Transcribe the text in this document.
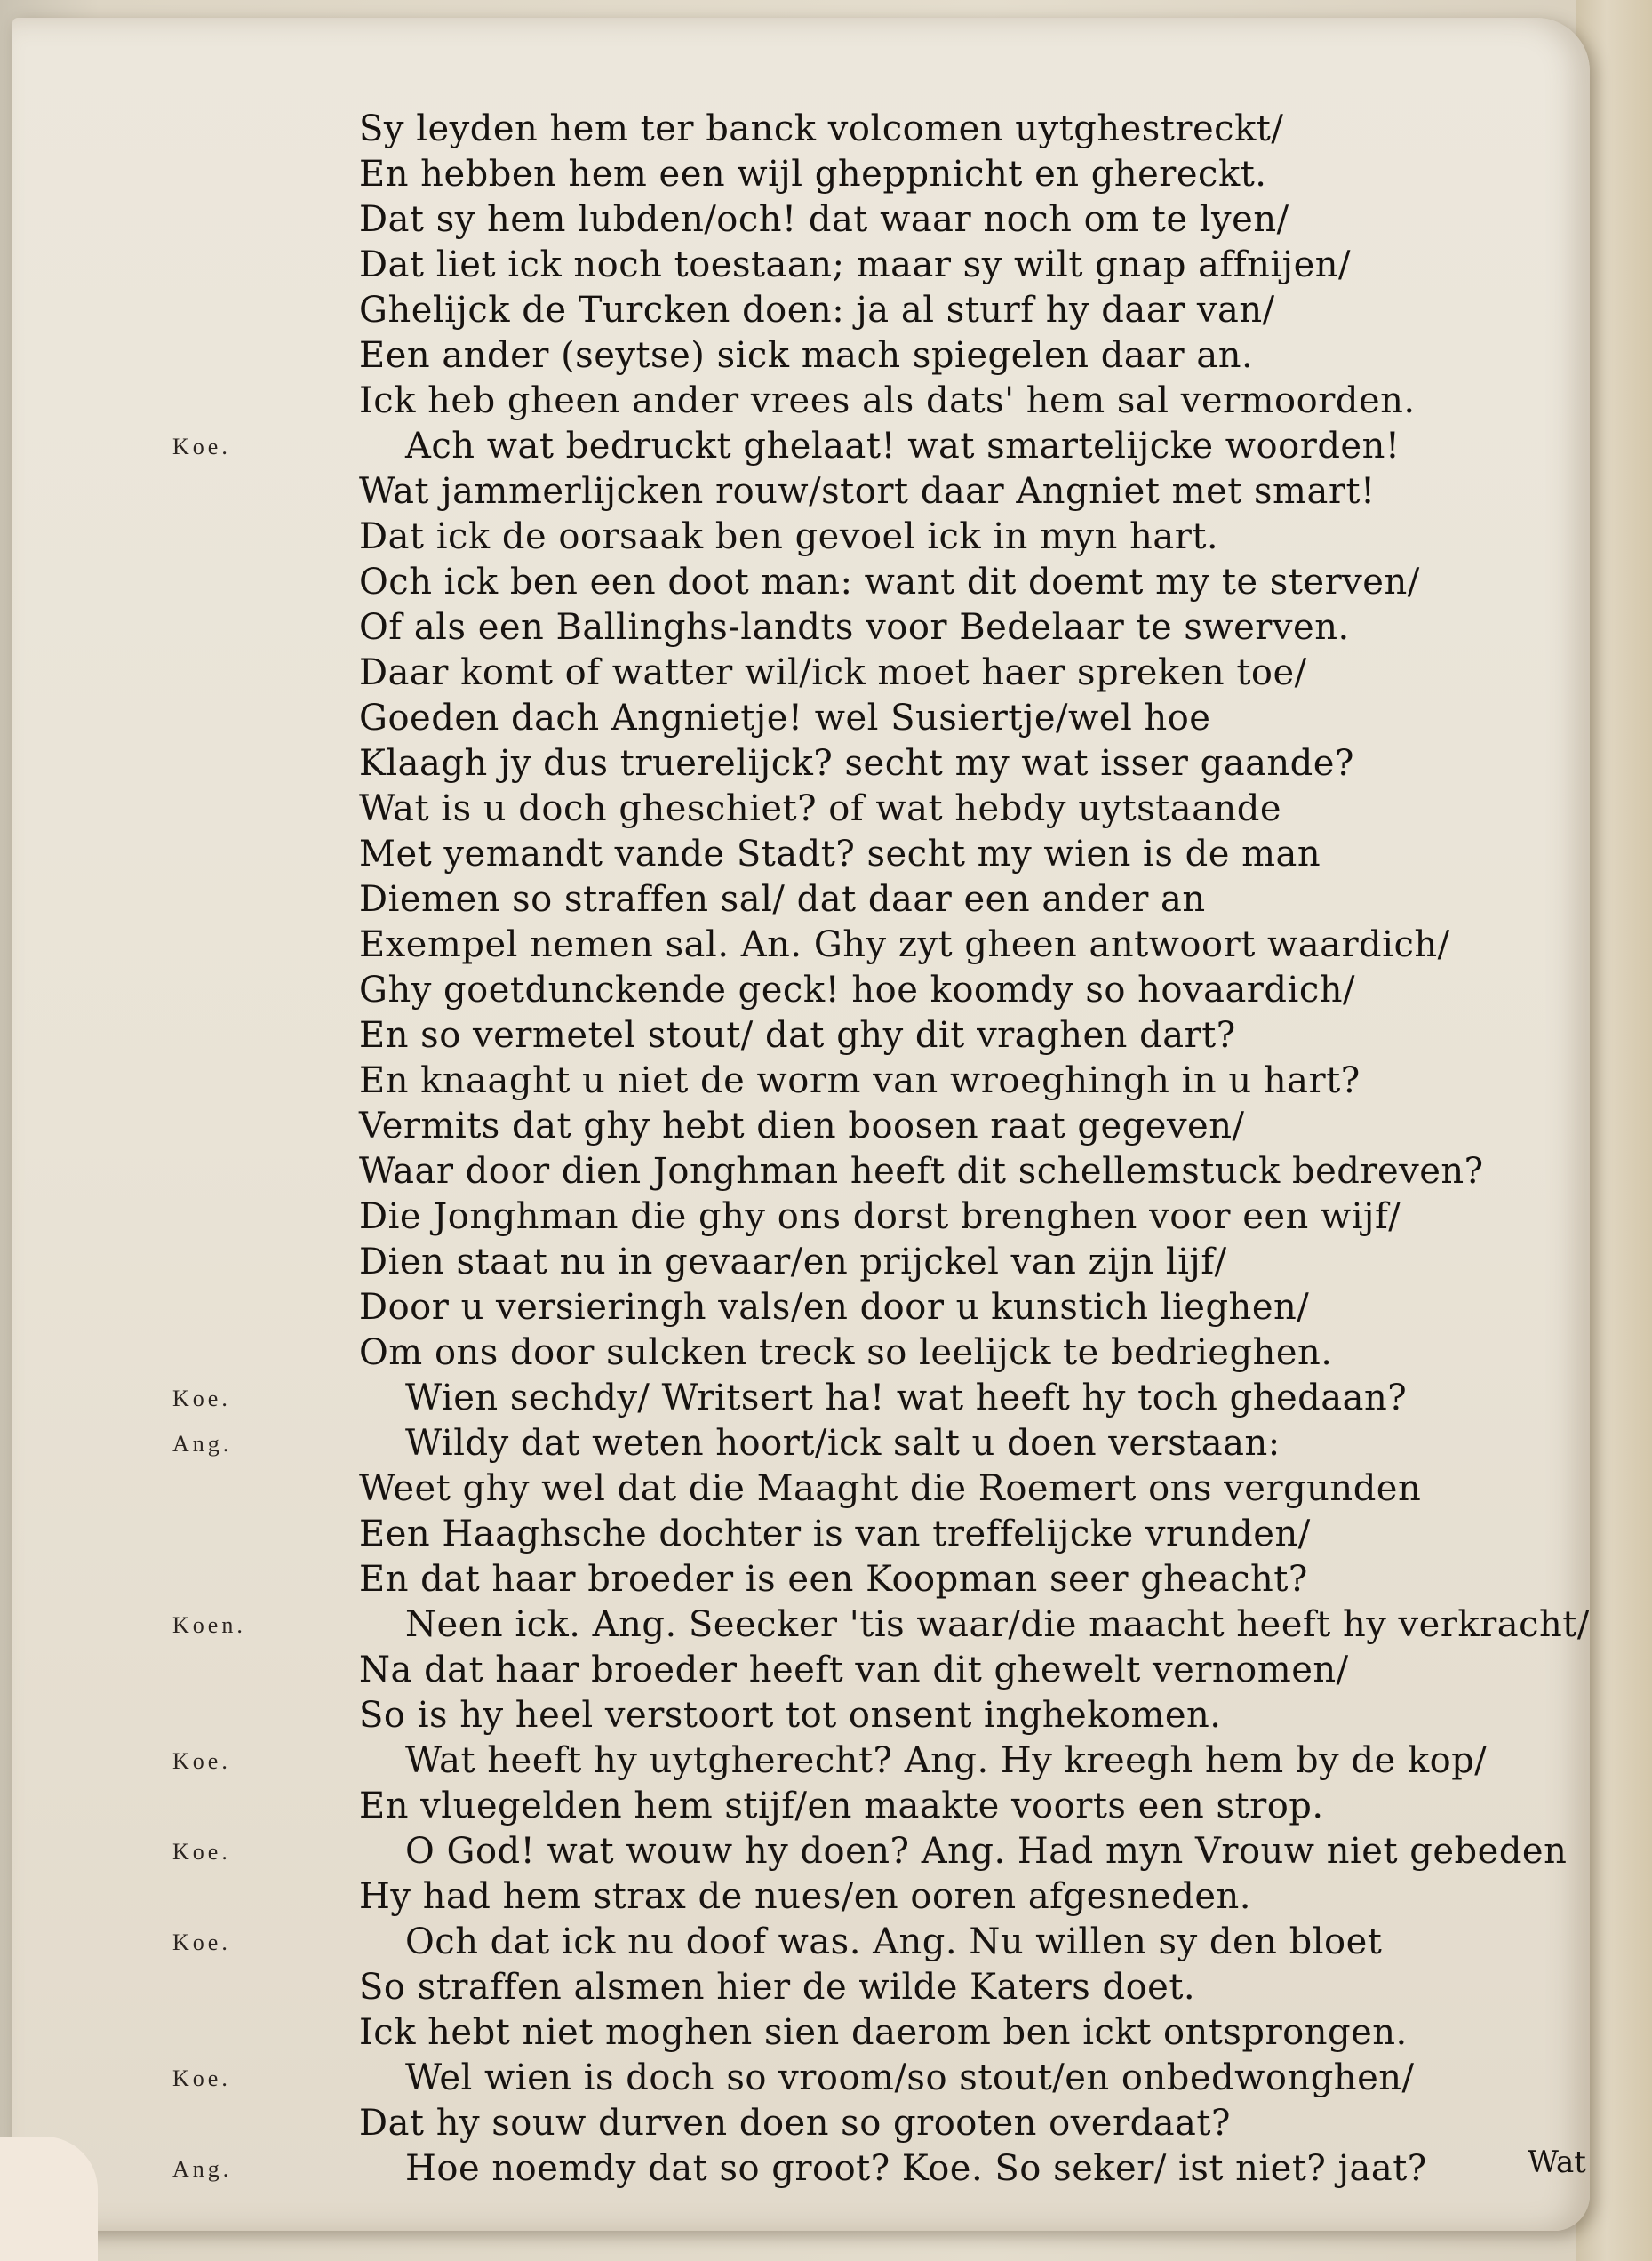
Sy leyden hem ter banck volcomen uytghestreckt/
En hebben hem een wijl gheppnicht en ghereckt.
Dat sy hem lubden/och! dat waar noch om te lyen/
Dat liet ick noch toestaan; maar sy wilt gnap affnijen/
Ghelijck de Turcken doen: ja al sturf hy daar van/
Een ander (seytse) sick mach spiegelen daar an.
Ick heb gheen ander vrees als dats' hem sal vermoorden.
Koe.	Ach wat bedruckt ghelaat! wat smartelijcke woorden!
Wat jammerlijcken rouw/stort daar Angniet met smart!
Dat ick de oorsaak ben gevoel ick in myn hart.
Och ick ben een doot man: want dit doemt my te sterven/
Of als een Ballinghs-landts voor Bedelaar te swerven.
Daar komt of watter wil/ick moet haer spreken toe/
Goeden dach Angnietje! wel Susiertje/wel hoe
Klaagh jy dus truerelijck? secht my wat isser gaande?
Wat is u doch gheschiet? of wat hebdy uytstaande
Met yemandt vande Stadt? secht my wien is de man
Diemen so straffen sal/ dat daar een ander an
Exempel nemen sal. An. Ghy zyt gheen antwoort waardich/
Ghy goetdunckende geck! hoe koomdy so hovaardich/
En so vermetel stout/ dat ghy dit vraghen dart?
En knaaght u niet de worm van wroeghingh in u hart?
Vermits dat ghy hebt dien boosen raat gegeven/
Waar door dien Jonghman heeft dit schellemstuck bedreven?
Die Jonghman die ghy ons dorst brenghen voor een wijf/
Dien staat nu in gevaar/en prijckel van zijn lijf/
Door u versieringh vals/en door u kunstich lieghen/
Om ons door sulcken treck so leelijck te bedrieghen.
Koe.	Wien sechdy/ Writsert ha! wat heeft hy toch ghedaan?
Ang.	Wildy dat weten hoort/ick salt u doen verstaan:
Weet ghy wel dat die Maaght die Roemert ons vergunden
Een Haaghsche dochter is van treffelijcke vrunden/
En dat haar broeder is een Koopman seer gheacht?
Koen.	Neen ick. Ang. Seecker 'tis waar/die maacht heeft hy verkracht/
Na dat haar broeder heeft van dit ghewelt vernomen/
So is hy heel verstoort tot onsent inghekomen.
Koe.	Wat heeft hy uytgherecht? Ang. Hy kreegh hem by de kop/
En vluegelden hem stijf/en maakte voorts een strop.
Koe.	O God! wat wouw hy doen? Ang. Had myn Vrouw niet gebeden
Hy had hem strax de nues/en ooren afgesneden.
Koe.	Och dat ick nu doof was. Ang. Nu willen sy den bloet
So straffen alsmen hier de wilde Katers doet.
Ick hebt niet moghen sien daerom ben ickt ontsprongen.
Koe.	Wel wien is doch so vroom/so stout/en onbedwonghen/
Dat hy souw durven doen so grooten overdaat?
Ang.	Hoe noemdy dat so groot? Koe. So seker/ ist niet? jaat?	Wat
